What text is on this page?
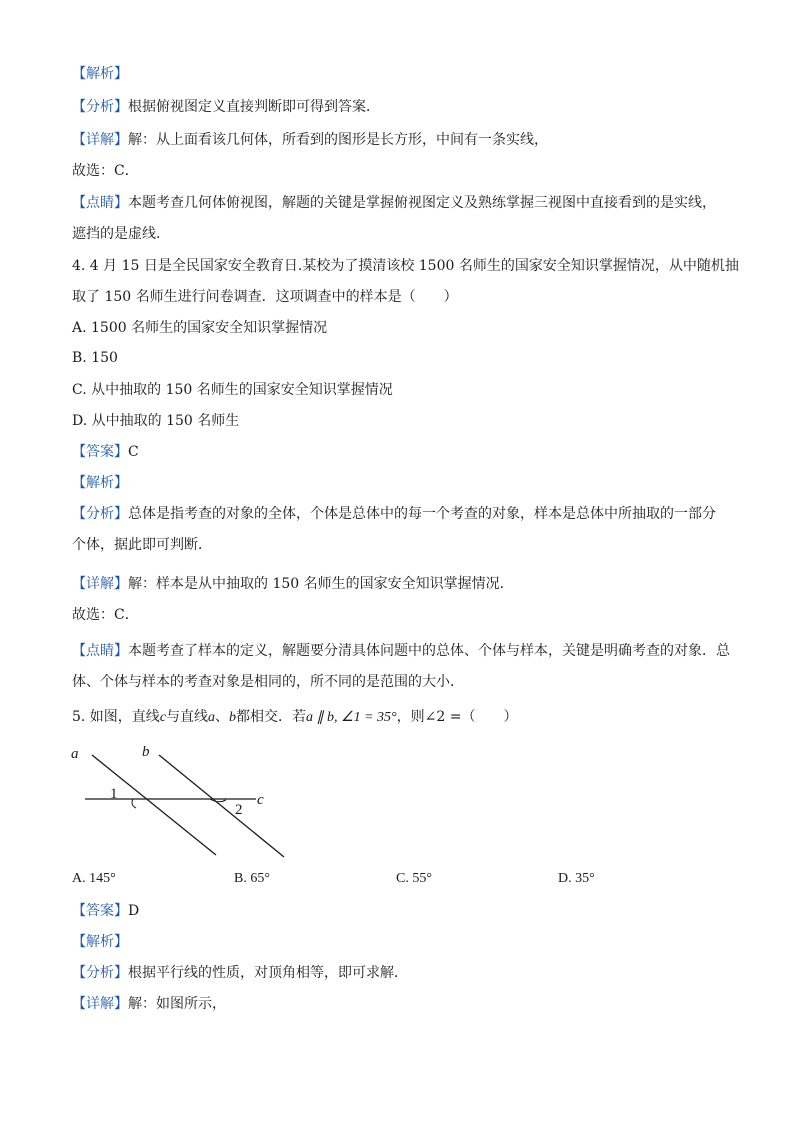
【解析】
【分析】根据俯视图定义直接判断即可得到答案．
【详解】解：从上面看该几何体，所看到的图形是长方形，中间有一条实线，
故选：C．
【点睛】本题考查几何体俯视图，解题的关键是掌握俯视图定义及熟练掌握三视图中直接看到的是实线，
遮挡的是虚线．
4. 4 月 15 日是全民国家安全教育日.某校为了摸清该校 1500 名师生的国家安全知识掌握情况，从中随机抽
取了 150 名师生进行问卷调查．这项调查中的样本是（　　）
A. 1500 名师生的国家安全知识掌握情况
B. 150
C. 从中抽取的 150 名师生的国家安全知识掌握情况
D. 从中抽取的 150 名师生
【答案】C
【解析】
【分析】总体是指考查的对象的全体，个体是总体中的每一个考查的对象，样本是总体中所抽取的一部分
个体，据此即可判断．
【详解】解：样本是从中抽取的 150 名师生的国家安全知识掌握情况．
故选：C．
【点睛】本题考查了样本的定义，解题要分清具体问题中的总体、个体与样本，关键是明确考查的对象．总
体、个体与样本的考查对象是相同的，所不同的是范围的大小．
5. 如图，直线c与直线a、b都相交．若a ∥ b, ∠1 = 35°，则∠2 =（　　）
a	b
c
1
2
A. 145°	B. 65°	C. 55°	D. 35°
【答案】D
【解析】
【分析】根据平行线的性质，对顶角相等，即可求解．
【详解】解：如图所示，
